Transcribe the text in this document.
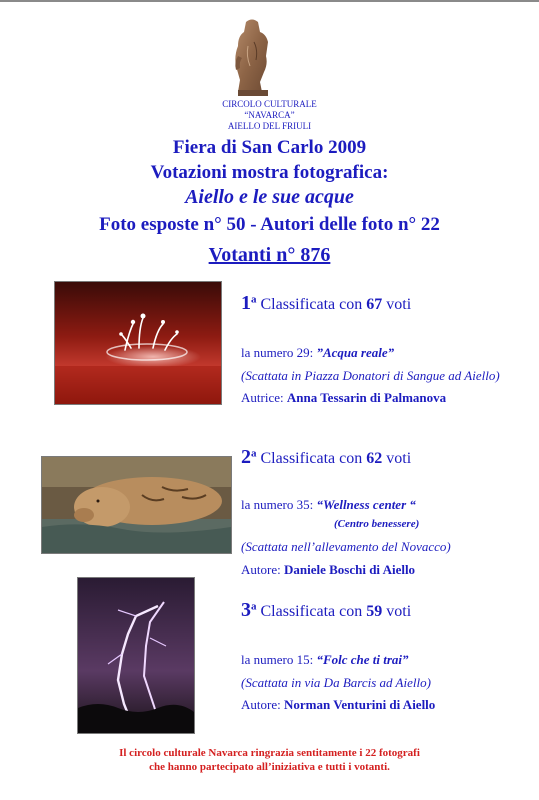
CIRCOLO CULTURALE
“NAVARCA”
AIELLO DEL FRIULI
Fiera di San Carlo 2009
Votazioni mostra fotografica:
Aiello e le sue acque
Foto esposte n° 50 - Autori delle foto n° 22
Votanti n° 876
1$^a$ Classificata con 67 voti
la numero 29: ”Acqua reale”
(Scattata in Piazza Donatori di Sangue ad Aiello)
Autrice: Anna Tessarin di Palmanova
2$^a$ Classificata con 62 voti
la numero 35: “Wellness center “
(Centro benessere)
(Scattata nell’allevamento del Novacco)
Autore: Daniele Boschi di Aiello
3$^a$ Classificata con 59 voti
la numero 15: “Folc che ti trai”
(Scattata in via Da Barcis ad Aiello)
Autore: Norman Venturini di Aiello
Il circolo culturale Navarca ringrazia sentitamente i 22 fotografi
che hanno partecipato all’iniziativa e tutti i votanti.
